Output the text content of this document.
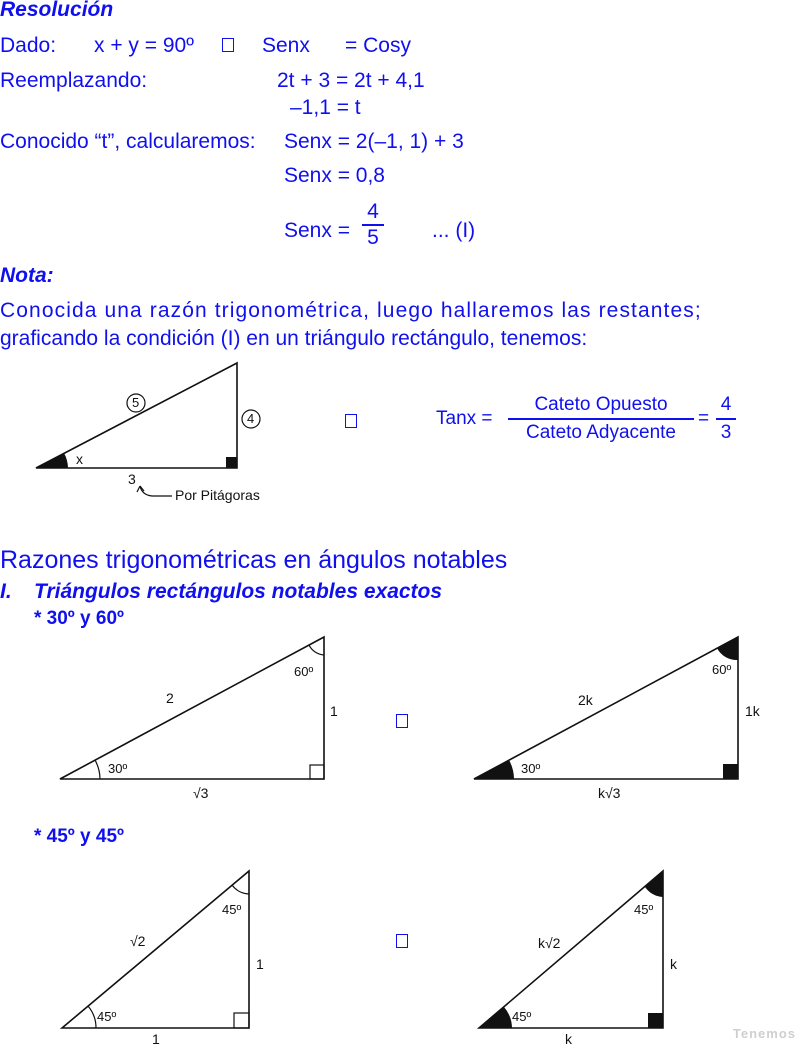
Resolución
Dado: x + y = 90º	Senx = Cosy
Reemplazando:	2t + 3 = 2t + 4,1
–1,1 = t
Conocido “t”, calcularemos: Senx = 2(–1, 1) + 3
Senx = 0,8
Senx =
4
5	... (I)
Nota:
Conocida una razón trigonométrica, luego hallaremos las restantes;
graficando la condición (I) en un triángulo rectángulo, tenemos:
5
4
3
x
Por Pitágoras
Tanx =
Cateto Opuesto
Cateto Adyacente
=
4
3
Razones trigonométricas en ángulos notables
I. Triángulos rectángulos notables exactos
* 30º y 60º
2
1
√3
60º
30º
2k
1k
k√3
60º
30º
* 45º y 45º
√2
1
1
45º
45º
k√2
k
k
45º
45º
Tenemos
